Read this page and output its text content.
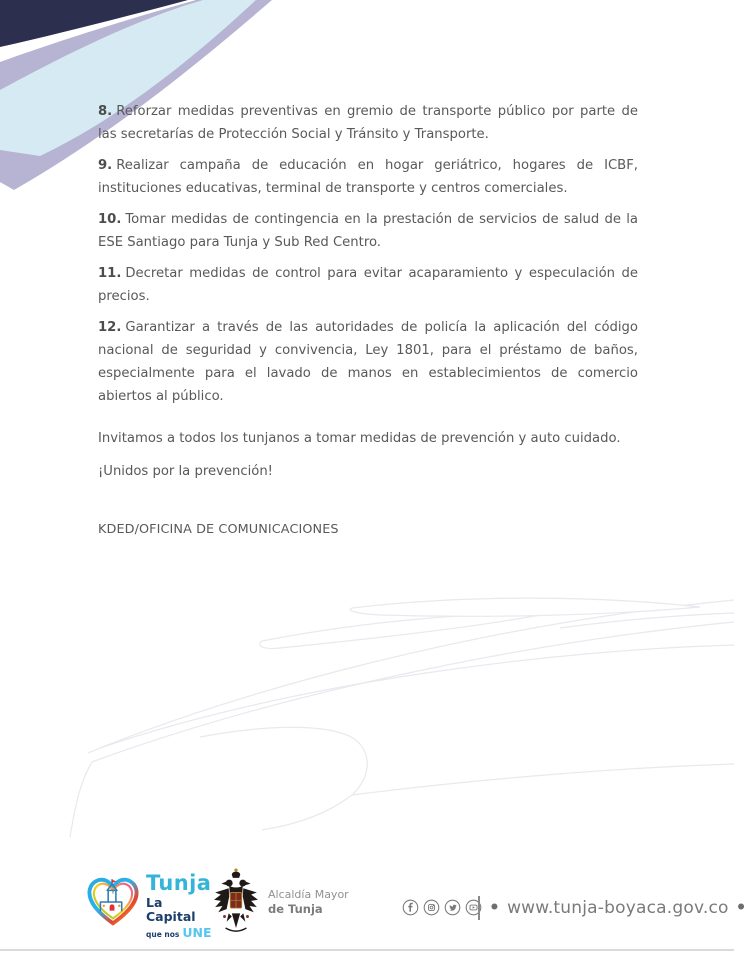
8. Reforzar medidas preventivas en gremio de transporte público por parte de las secretarías de Protección Social y Tránsito y Transporte.

9. Realizar campaña de educación en hogar geriátrico, hogares de ICBF, instituciones educativas, terminal de transporte y centros comerciales.

10. Tomar medidas de contingencia en la prestación de servicios de salud de la ESE Santiago para Tunja y Sub Red Centro.

11. Decretar medidas de control para evitar acaparamiento y especulación de precios.

12. Garantizar a través de las autoridades de policía la aplicación del código nacional de seguridad y convivencia, Ley 1801, para el préstamo de baños, especialmente para el lavado de manos en establecimientos de comercio abiertos al público.

Invitamos a todos los tunjanos a tomar medidas de prevención y auto cuidado.

¡Unidos por la prevención!

KDED/OFICINA DE COMUNICACIONES

Tunja
La Capital
que nos UNE
Alcaldía Mayor
de Tunja	• www.tunja-boyaca.gov.co •
